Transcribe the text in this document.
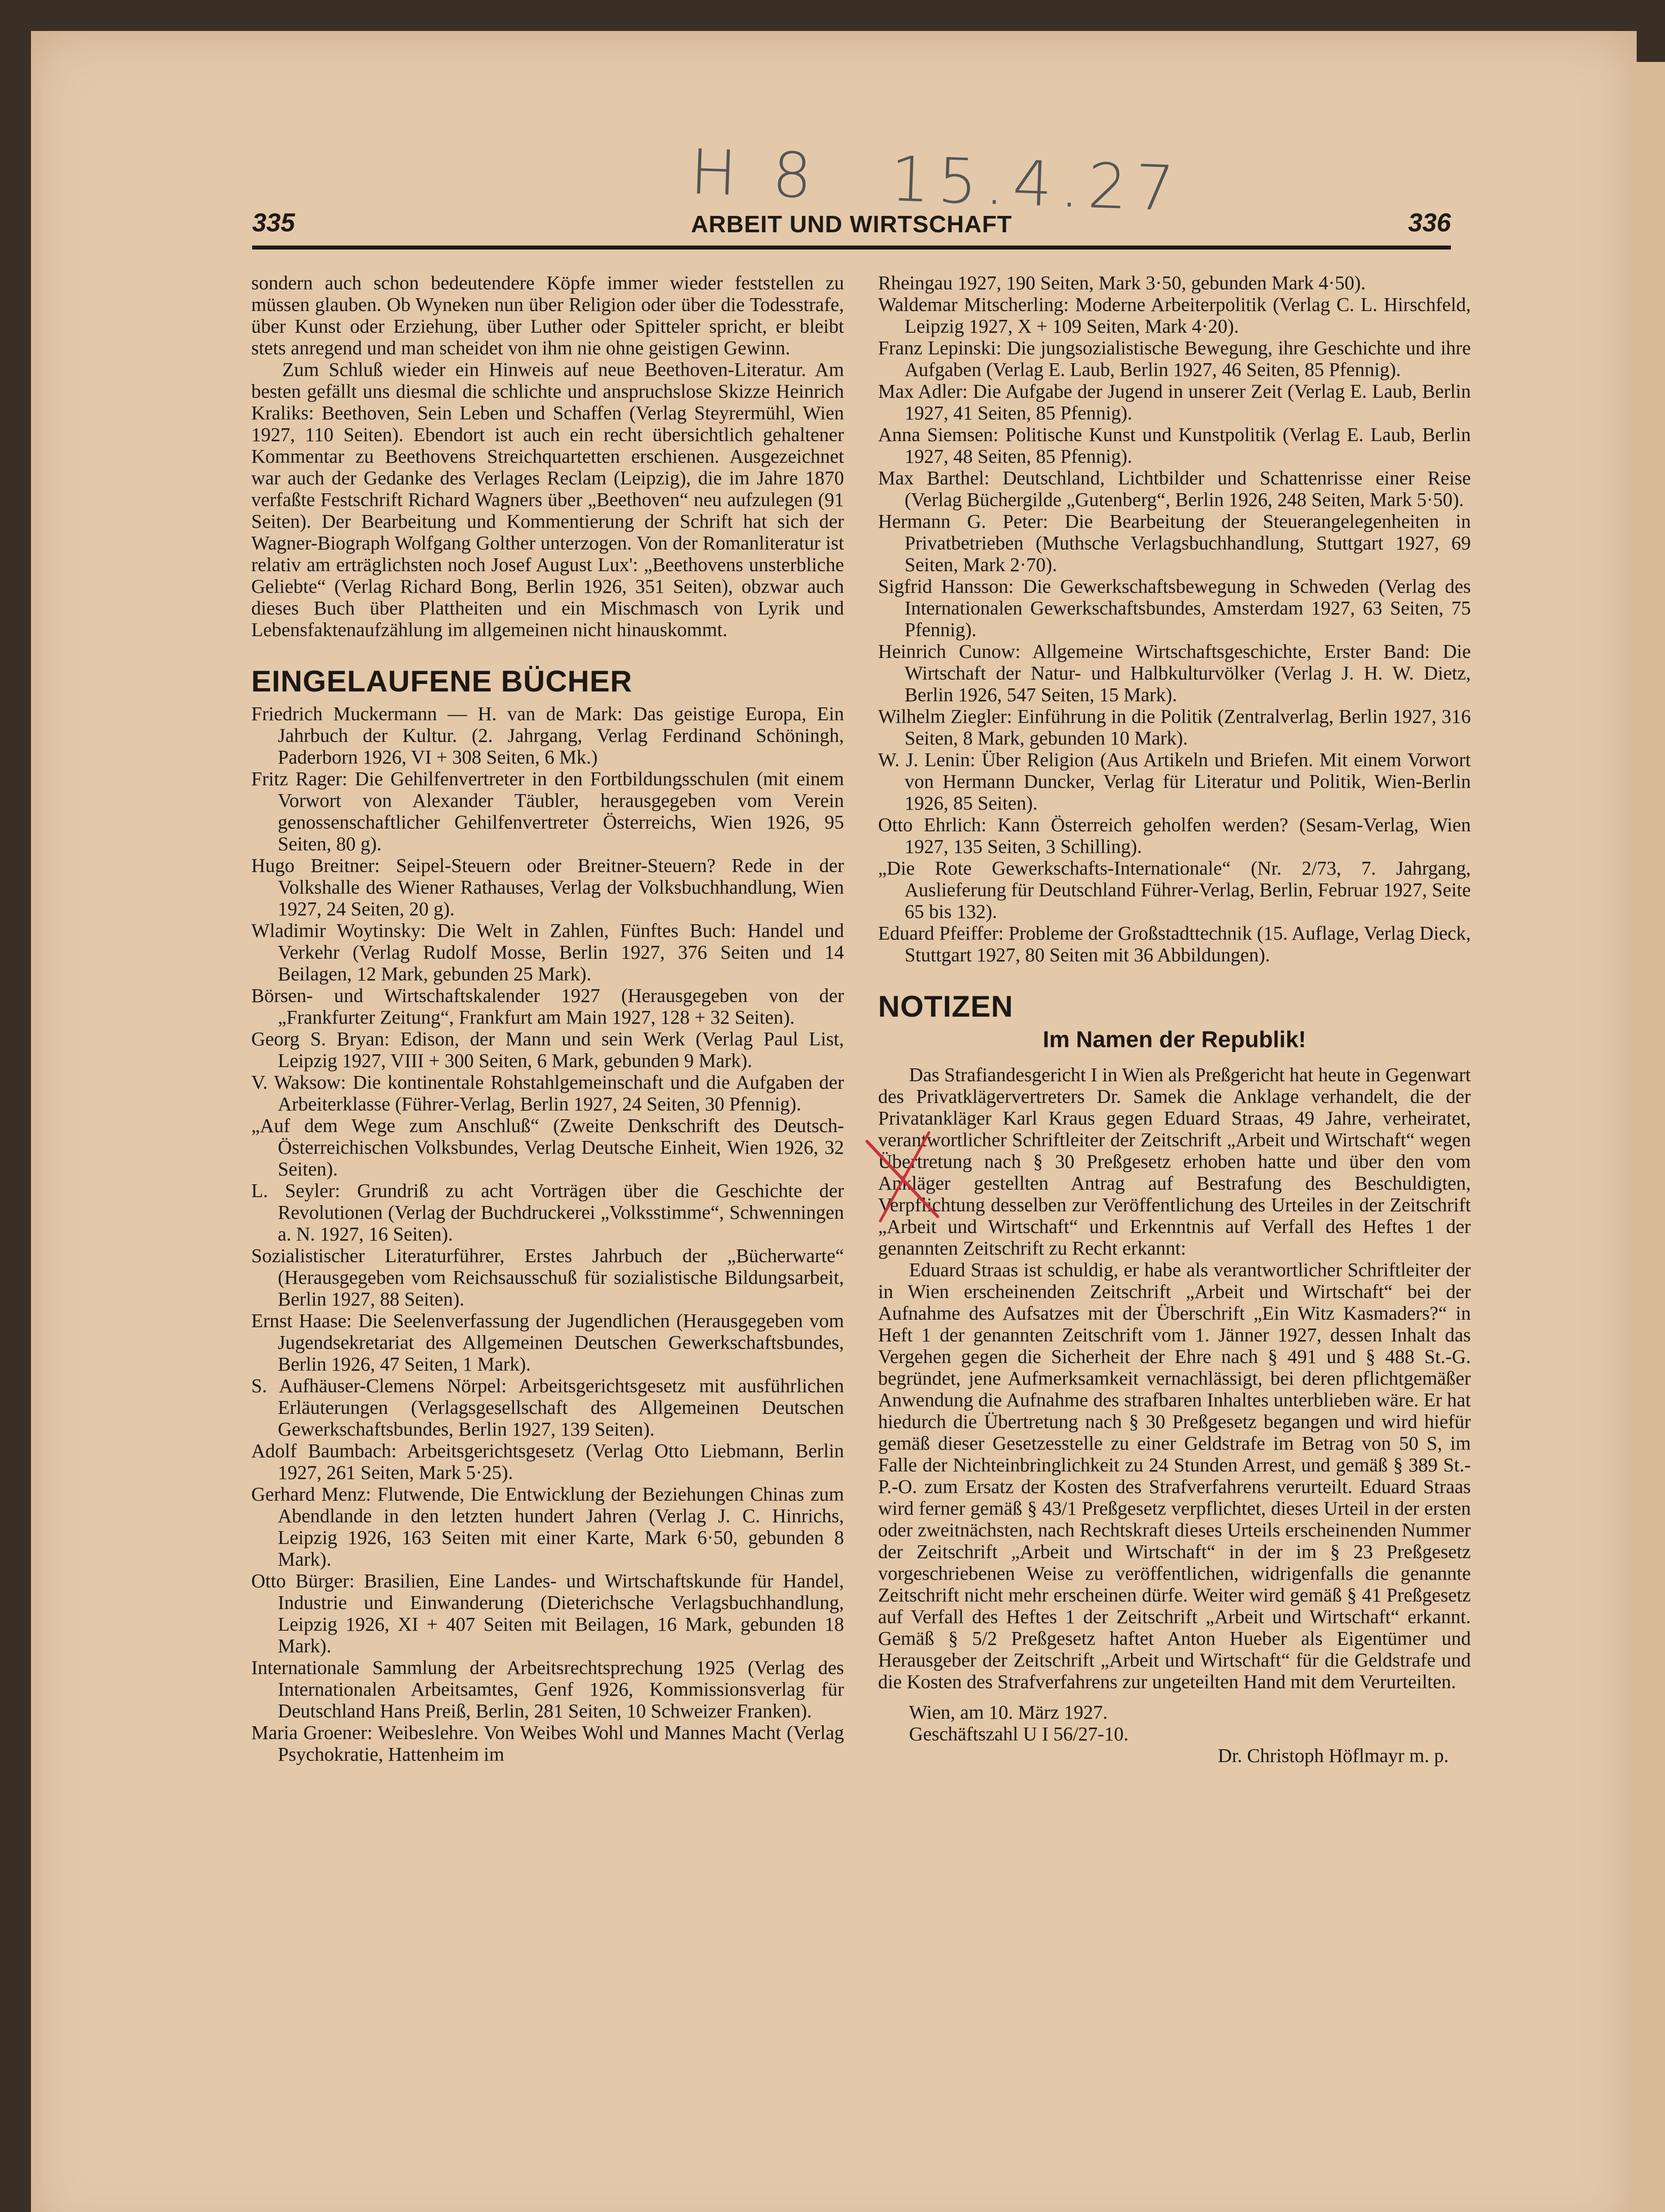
H 8 15.4.27
335	ARBEIT UND WIRTSCHAFT	336

sondern auch schon bedeutendere Köpfe immer wieder feststellen zu müssen glauben. Ob Wyneken nun über Religion oder über die Todesstrafe, über Kunst oder Erziehung, über Luther oder Spitteler spricht, er bleibt stets anregend und man scheidet von ihm nie ohne geistigen Gewinn.

Zum Schluß wieder ein Hinweis auf neue Beethoven-Literatur. Am besten gefällt uns diesmal die schlichte und anspruchslose Skizze Heinrich Kraliks: Beethoven, Sein Leben und Schaffen (Verlag Steyrermühl, Wien 1927, 110 Seiten). Ebendort ist auch ein recht übersichtlich gehaltener Kommentar zu Beethovens Streichquartetten erschienen. Ausgezeichnet war auch der Gedanke des Verlages Reclam (Leipzig), die im Jahre 1870 verfaßte Festschrift Richard Wagners über „Beethoven“ neu aufzulegen (91 Seiten). Der Bearbeitung und Kommentierung der Schrift hat sich der Wagner-Biograph Wolfgang Golther unterzogen. Von der Romanliteratur ist relativ am erträglichsten noch Josef August Lux': „Beethovens unsterbliche Geliebte“ (Verlag Richard Bong, Berlin 1926, 351 Seiten), obzwar auch dieses Buch über Plattheiten und ein Mischmasch von Lyrik und Lebensfaktenaufzählung im allgemeinen nicht hinauskommt.

EINGELAUFENE BÜCHER

Friedrich Muckermann — H. van de Mark: Das geistige Europa, Ein Jahrbuch der Kultur. (2. Jahrgang, Verlag Ferdinand Schöningh, Paderborn 1926, VI + 308 Seiten, 6 Mk.)

Fritz Rager: Die Gehilfenvertreter in den Fortbildungsschulen (mit einem Vorwort von Alexander Täubler, herausgegeben vom Verein genossenschaftlicher Gehilfenvertreter Österreichs, Wien 1926, 95 Seiten, 80 g).

Hugo Breitner: Seipel-Steuern oder Breitner-Steuern? Rede in der Volkshalle des Wiener Rathauses, Verlag der Volksbuchhandlung, Wien 1927, 24 Seiten, 20 g).

Wladimir Woytinsky: Die Welt in Zahlen, Fünftes Buch: Handel und Verkehr (Verlag Rudolf Mosse, Berlin 1927, 376 Seiten und 14 Beilagen, 12 Mark, gebunden 25 Mark).

Börsen- und Wirtschaftskalender 1927 (Herausgegeben von der „Frankfurter Zeitung“, Frankfurt am Main 1927, 128 + 32 Seiten).

Georg S. Bryan: Edison, der Mann und sein Werk (Verlag Paul List, Leipzig 1927, VIII + 300 Seiten, 6 Mark, gebunden 9 Mark).

V. Waksow: Die kontinentale Rohstahlgemeinschaft und die Aufgaben der Arbeiterklasse (Führer-Verlag, Berlin 1927, 24 Seiten, 30 Pfennig).

„Auf dem Wege zum Anschluß“ (Zweite Denkschrift des Deutsch-Österreichischen Volksbundes, Verlag Deutsche Einheit, Wien 1926, 32 Seiten).

L. Seyler: Grundriß zu acht Vorträgen über die Geschichte der Revolutionen (Verlag der Buchdruckerei „Volksstimme“, Schwenningen a. N. 1927, 16 Seiten).

Sozialistischer Literaturführer, Erstes Jahrbuch der „Bücherwarte“ (Herausgegeben vom Reichsausschuß für sozialistische Bildungsarbeit, Berlin 1927, 88 Seiten).

Ernst Haase: Die Seelenverfassung der Jugendlichen (Herausgegeben vom Jugendsekretariat des Allgemeinen Deutschen Gewerkschaftsbundes, Berlin 1926, 47 Seiten, 1 Mark).

S. Aufhäuser-Clemens Nörpel: Arbeitsgerichtsgesetz mit ausführlichen Erläuterungen (Verlagsgesellschaft des Allgemeinen Deutschen Gewerkschaftsbundes, Berlin 1927, 139 Seiten).

Adolf Baumbach: Arbeitsgerichtsgesetz (Verlag Otto Liebmann, Berlin 1927, 261 Seiten, Mark 5·25).

Gerhard Menz: Flutwende, Die Entwicklung der Beziehungen Chinas zum Abendlande in den letzten hundert Jahren (Verlag J. C. Hinrichs, Leipzig 1926, 163 Seiten mit einer Karte, Mark 6·50, gebunden 8 Mark).

Otto Bürger: Brasilien, Eine Landes- und Wirtschaftskunde für Handel, Industrie und Einwanderung (Dieterichsche Verlagsbuchhandlung, Leipzig 1926, XI + 407 Seiten mit Beilagen, 16 Mark, gebunden 18 Mark).

Internationale Sammlung der Arbeitsrechtsprechung 1925 (Verlag des Internationalen Arbeitsamtes, Genf 1926, Kommissionsverlag für Deutschland Hans Preiß, Berlin, 281 Seiten, 10 Schweizer Franken).

Maria Groener: Weibeslehre. Von Weibes Wohl und Mannes Macht (Verlag Psychokratie, Hattenheim im

Rheingau 1927, 190 Seiten, Mark 3·50, gebunden Mark 4·50).

Waldemar Mitscherling: Moderne Arbeiterpolitik (Verlag C. L. Hirschfeld, Leipzig 1927, X + 109 Seiten, Mark 4·20).

Franz Lepinski: Die jungsozialistische Bewegung, ihre Geschichte und ihre Aufgaben (Verlag E. Laub, Berlin 1927, 46 Seiten, 85 Pfennig).

Max Adler: Die Aufgabe der Jugend in unserer Zeit (Verlag E. Laub, Berlin 1927, 41 Seiten, 85 Pfennig).

Anna Siemsen: Politische Kunst und Kunstpolitik (Verlag E. Laub, Berlin 1927, 48 Seiten, 85 Pfennig).

Max Barthel: Deutschland, Lichtbilder und Schattenrisse einer Reise (Verlag Büchergilde „Gutenberg“, Berlin 1926, 248 Seiten, Mark 5·50).

Hermann G. Peter: Die Bearbeitung der Steuerangelegenheiten in Privatbetrieben (Muthsche Verlagsbuchhandlung, Stuttgart 1927, 69 Seiten, Mark 2·70).

Sigfrid Hansson: Die Gewerkschaftsbewegung in Schweden (Verlag des Internationalen Gewerkschaftsbundes, Amsterdam 1927, 63 Seiten, 75 Pfennig).

Heinrich Cunow: Allgemeine Wirtschaftsgeschichte, Erster Band: Die Wirtschaft der Natur- und Halbkulturvölker (Verlag J. H. W. Dietz, Berlin 1926, 547 Seiten, 15 Mark).

Wilhelm Ziegler: Einführung in die Politik (Zentralverlag, Berlin 1927, 316 Seiten, 8 Mark, gebunden 10 Mark).

W. J. Lenin: Über Religion (Aus Artikeln und Briefen. Mit einem Vorwort von Hermann Duncker, Verlag für Literatur und Politik, Wien-Berlin 1926, 85 Seiten).

Otto Ehrlich: Kann Österreich geholfen werden? (Sesam-Verlag, Wien 1927, 135 Seiten, 3 Schilling).

„Die Rote Gewerkschafts-Internationale“ (Nr. 2/73, 7. Jahrgang, Auslieferung für Deutschland Führer-Verlag, Berlin, Februar 1927, Seite 65 bis 132).

Eduard Pfeiffer: Probleme der Großstadttechnik (15. Auflage, Verlag Dieck, Stuttgart 1927, 80 Seiten mit 36 Abbildungen).

NOTIZEN
Im Namen der Republik!

Das Strafiandesgericht I in Wien als Preßgericht hat heute in Gegenwart des Privatklägervertreters Dr. Samek die Anklage verhandelt, die der Privatankläger Karl Kraus gegen Eduard Straas, 49 Jahre, verheiratet, verantwortlicher Schriftleiter der Zeitschrift „Arbeit und Wirtschaft“ wegen Übertretung nach § 30 Preßgesetz erhoben hatte und über den vom Ankläger gestellten Antrag auf Bestrafung des Beschuldigten, Verpflichtung desselben zur Veröffentlichung des Urteiles in der Zeitschrift „Arbeit und Wirtschaft“ und Erkenntnis auf Verfall des Heftes 1 der genannten Zeitschrift zu Recht erkannt:

Eduard Straas ist schuldig, er habe als verantwortlicher Schriftleiter der in Wien erscheinenden Zeitschrift „Arbeit und Wirtschaft“ bei der Aufnahme des Aufsatzes mit der Überschrift „Ein Witz Kasmaders?“ in Heft 1 der genannten Zeitschrift vom 1. Jänner 1927, dessen Inhalt das Vergehen gegen die Sicherheit der Ehre nach § 491 und § 488 St.-G. begründet, jene Aufmerksamkeit vernachlässigt, bei deren pflichtgemäßer Anwendung die Aufnahme des strafbaren Inhaltes unterblieben wäre. Er hat hiedurch die Übertretung nach § 30 Preßgesetz begangen und wird hiefür gemäß dieser Gesetzesstelle zu einer Geldstrafe im Betrag von 50 S, im Falle der Nichteinbringlichkeit zu 24 Stunden Arrest, und gemäß § 389 St.-P.-O. zum Ersatz der Kosten des Strafverfahrens verurteilt. Eduard Straas wird ferner gemäß § 43/1 Preßgesetz verpflichtet, dieses Urteil in der ersten oder zweitnächsten, nach Rechtskraft dieses Urteils erscheinenden Nummer der Zeitschrift „Arbeit und Wirtschaft“ in der im § 23 Preßgesetz vorgeschriebenen Weise zu veröffentlichen, widrigenfalls die genannte Zeitschrift nicht mehr erscheinen dürfe. Weiter wird gemäß § 41 Preßgesetz auf Verfall des Heftes 1 der Zeitschrift „Arbeit und Wirtschaft“ erkannt. Gemäß § 5/2 Preßgesetz haftet Anton Hueber als Eigentümer und Herausgeber der Zeitschrift „Arbeit und Wirtschaft“ für die Geldstrafe und die Kosten des Strafverfahrens zur ungeteilten Hand mit dem Verurteilten.

Wien, am 10. März 1927.

Geschäftszahl U I 56/27-10.

Dr. Christoph Höflmayr m. p.
